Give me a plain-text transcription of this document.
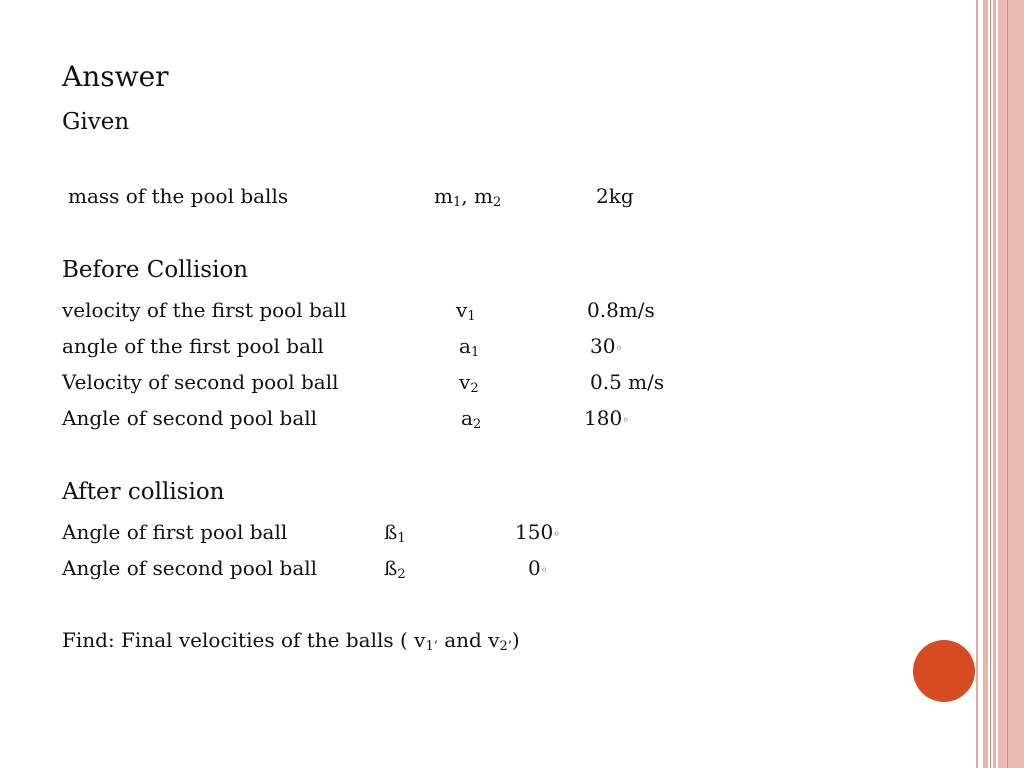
Answer
Given
mass of the pool balls	m1, m2	2kg
Before Collision
velocity of the first pool ball	v1	0.8m/s
angle of the first pool ball	a1	30◦
Velocity of second pool ball	v2	0.5 m/s
Angle of second pool ball	a2	180◦
After collision
Angle of first pool ball	ß1	150◦
Angle of second pool ball	ß2	0◦
Find: Final velocities of the balls ( v1’ and v2’)
